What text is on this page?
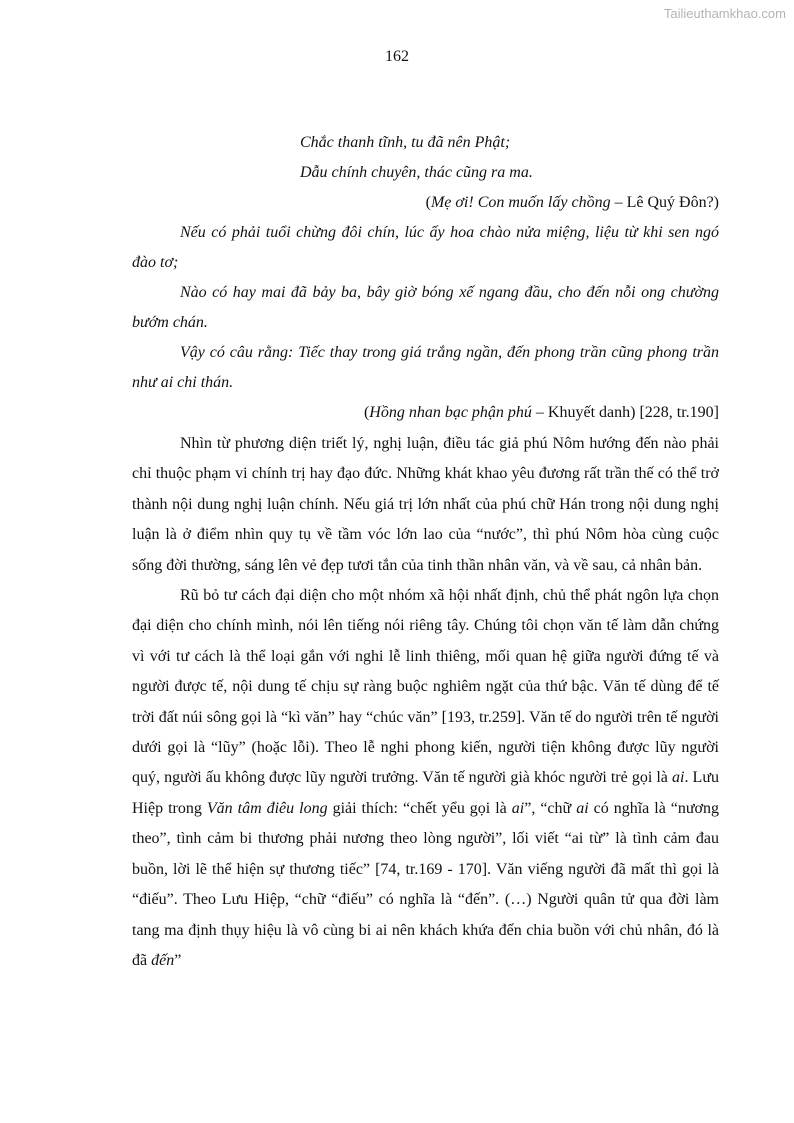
Tailieuthamkhao.com
162
Chắc thanh tĩnh, tu đã nên Phật;
Dẫu chính chuyên, thác cũng ra ma.
(Mẹ ơi! Con muốn lấy chồng – Lê Quý Đôn?)
Nếu có phải tuổi chừng đôi chín, lúc ấy hoa chào nửa miệng, liệu từ khi sen ngó đào tơ;
Nào có hay mai đã bảy ba, bây giờ bóng xế ngang đầu, cho đến nỗi ong chường bướm chán.
Vậy có câu rằng: Tiếc thay trong giá trắng ngần, đến phong trần cũng phong trần như ai chi thán.
(Hồng nhan bạc phận phú – Khuyết danh) [228, tr.190]
Nhìn từ phương diện triết lý, nghị luận, điều tác giả phú Nôm hướng đến nào phải chỉ thuộc phạm vi chính trị hay đạo đức. Những khát khao yêu đương rất trần thế có thể trở thành nội dung nghị luận chính. Nếu giá trị lớn nhất của phú chữ Hán trong nội dung nghị luận là ở điểm nhìn quy tụ về tầm vóc lớn lao của “nước”, thì phú Nôm hòa cùng cuộc sống đời thường, sáng lên vẻ đẹp tươi tắn của tinh thần nhân văn, và về sau, cả nhân bản.
Rũ bỏ tư cách đại diện cho một nhóm xã hội nhất định, chủ thể phát ngôn lựa chọn đại diện cho chính mình, nói lên tiếng nói riêng tây. Chúng tôi chọn văn tế làm dẫn chứng vì với tư cách là thể loại gắn với nghi lễ linh thiêng, mối quan hệ giữa người đứng tế và người được tế, nội dung tế chịu sự ràng buộc nghiêm ngặt của thứ bậc. Văn tế dùng để tế trời đất núi sông gọi là “kì văn” hay “chúc văn” [193, tr.259]. Văn tế do người trên tế người dưới gọi là “lũy” (hoặc lỗi). Theo lễ nghi phong kiến, người tiện không được lũy người quý, người ấu không được lũy người trưởng. Văn tế người già khóc người trẻ gọi là ai. Lưu Hiệp trong Văn tâm điêu long giải thích: “chết yểu gọi là ai”, “chữ ai có nghĩa là “nương theo”, tình cảm bi thương phải nương theo lòng người”, lối viết “ai từ” là tình cảm đau buồn, lời lẽ thể hiện sự thương tiếc” [74, tr.169 - 170]. Văn viếng người đã mất thì gọi là “điếu”. Theo Lưu Hiệp, “chữ “điếu” có nghĩa là “đến”. (…) Người quân tử qua đời làm tang ma định thụy hiệu là vô cùng bi ai nên khách khứa đến chia buồn với chủ nhân, đó là đã đến”
